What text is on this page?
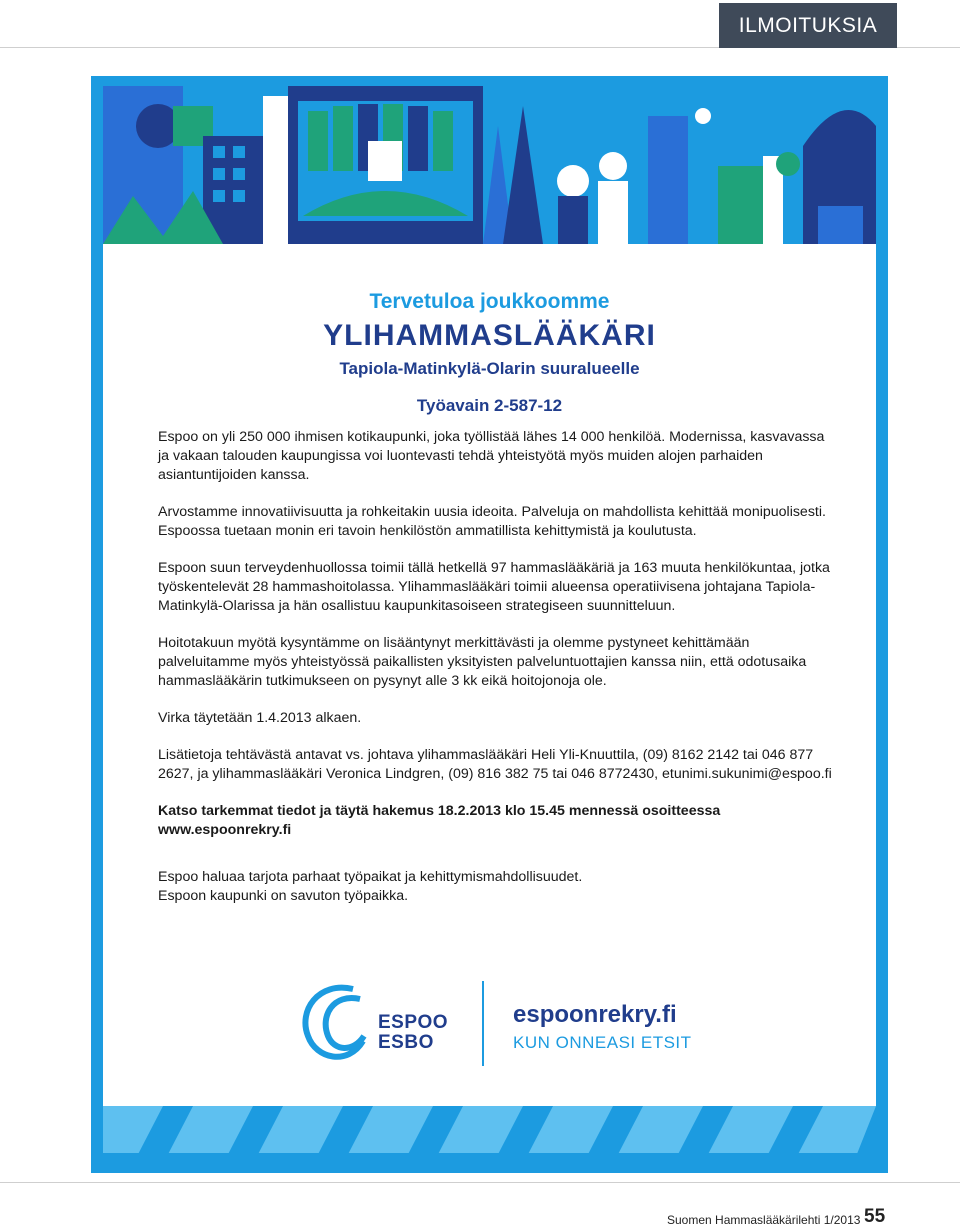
ILMOITUKSIA
Tervetuloa joukkoomme
YLIHAMMASLÄÄKÄRI
Tapiola-Matinkylä-Olarin suuralueelle
Työavain 2-587-12

Espoo on yli 250 000 ihmisen kotikaupunki, joka työllistää lähes 14 000 henkilöä. Modernissa, kasvavassa ja vakaan talouden kaupungissa voi luontevasti tehdä yhteistyötä myös muiden alojen parhaiden asiantuntijoiden kanssa.

Arvostamme innovatiivisuutta ja rohkeitakin uusia ideoita. Palveluja on mahdollista kehittää monipuolisesti. Espoossa tuetaan monin eri tavoin henkilöstön ammatillista kehittymistä ja koulutusta.

Espoon suun terveydenhuollossa toimii tällä hetkellä 97 hammaslääkäriä ja 163 muuta henkilökuntaa, jotka työskentelevät 28 hammashoitolassa. Ylihammaslääkäri toimii alueensa operatiivisena johtajana Tapiola-Matinkylä-Olarissa ja hän osallistuu kaupunkitasoiseen strategiseen suunnitteluun.

Hoitotakuun myötä kysyntämme on lisääntynyt merkittävästi ja olemme pystyneet kehittämään palveluitamme myös yhteistyössä paikallisten yksityisten palveluntuottajien kanssa niin, että odotusaika hammaslääkärin tutkimukseen on pysynyt alle 3 kk eikä hoitojonoja ole.

Virka täytetään 1.4.2013 alkaen.

Lisätietoja tehtävästä antavat vs. johtava ylihammaslääkäri Heli Yli-Knuuttila, (09) 8162 2142 tai 046 877 2627, ja ylihammaslääkäri Veronica Lindgren, (09) 816 382 75 tai 046 8772430, etunimi.sukunimi@espoo.fi

Katso tarkemmat tiedot ja täytä hakemus 18.2.2013 klo 15.45 mennessä osoitteessa www.espoonrekry.fi

Espoo haluaa tarjota parhaat työpaikat ja kehittymismahdollisuudet.
Espoon kaupunki on savuton työpaikka.

ESPOO
ESBO
espoonrekry.fi
KUN ONNEASI ETSIT
Suomen Hammaslääkärilehti 1/2013 55
